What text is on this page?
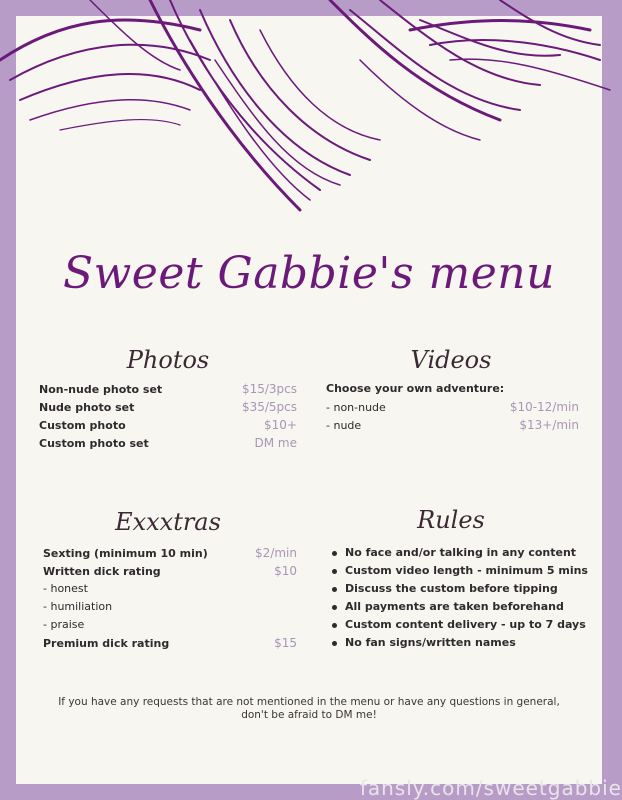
Sweet Gabbie's menu
Photos
Non-nude photo set	$15/3pcs
Nude photo set	$35/5pcs
Custom photo	$10+
Custom photo set	DM me
Videos
Choose your own adventure:
- non-nude	$10-12/min
- nude	$13+/min
Exxxtras
Sexting (minimum 10 min)	$2/min
Written dick rating	$10
- honest
- humiliation
- praise
Premium dick rating	$15
Rules
No face and/or talking in any content
Custom video length - minimum 5 mins
Discuss the custom before tipping
All payments are taken beforehand
Custom content delivery - up to 7 days
No fan signs/written names
If you have any requests that are not mentioned in the menu or have any questions in general,
don't be afraid to DM me!
fansly.com/sweetgabbie
